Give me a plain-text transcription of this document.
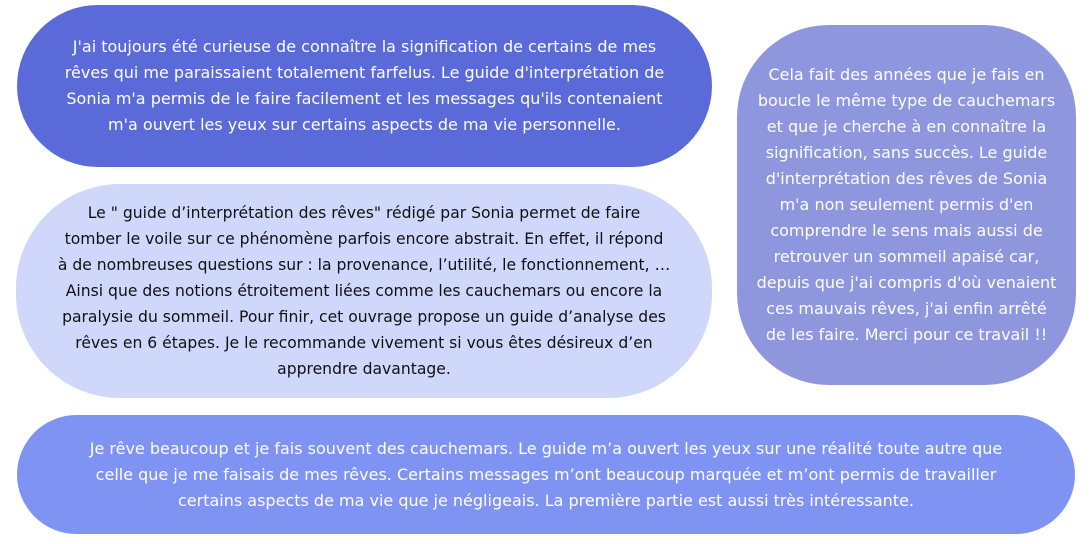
J'ai toujours été curieuse de connaître la signification de certains de mes
rêves qui me paraissaient totalement farfelus. Le guide d'interprétation de
Sonia m'a permis de le faire facilement et les messages qu'ils contenaient
m'a ouvert les yeux sur certains aspects de ma vie personnelle.

Le " guide d’interprétation des rêves" rédigé par Sonia permet de faire
tomber le voile sur ce phénomène parfois encore abstrait. En effet, il répond
à de nombreuses questions sur : la provenance, l’utilité, le fonctionnement, …
Ainsi que des notions étroitement liées comme les cauchemars ou encore la
paralysie du sommeil. Pour finir, cet ouvrage propose un guide d’analyse des
rêves en 6 étapes. Je le recommande vivement si vous êtes désireux d’en
apprendre davantage.

Cela fait des années que je fais en
boucle le même type de cauchemars
et que je cherche à en connaître la
signification, sans succès. Le guide
d'interprétation des rêves de Sonia
m'a non seulement permis d'en
comprendre le sens mais aussi de
retrouver un sommeil apaisé car,
depuis que j'ai compris d'où venaient
ces mauvais rêves, j'ai enfin arrêté
de les faire. Merci pour ce travail !!

Je rêve beaucoup et je fais souvent des cauchemars. Le guide m’a ouvert les yeux sur une réalité toute autre que
celle que je me faisais de mes rêves. Certains messages m’ont beaucoup marquée et m’ont permis de travailler
certains aspects de ma vie que je négligeais. La première partie est aussi très intéressante.
